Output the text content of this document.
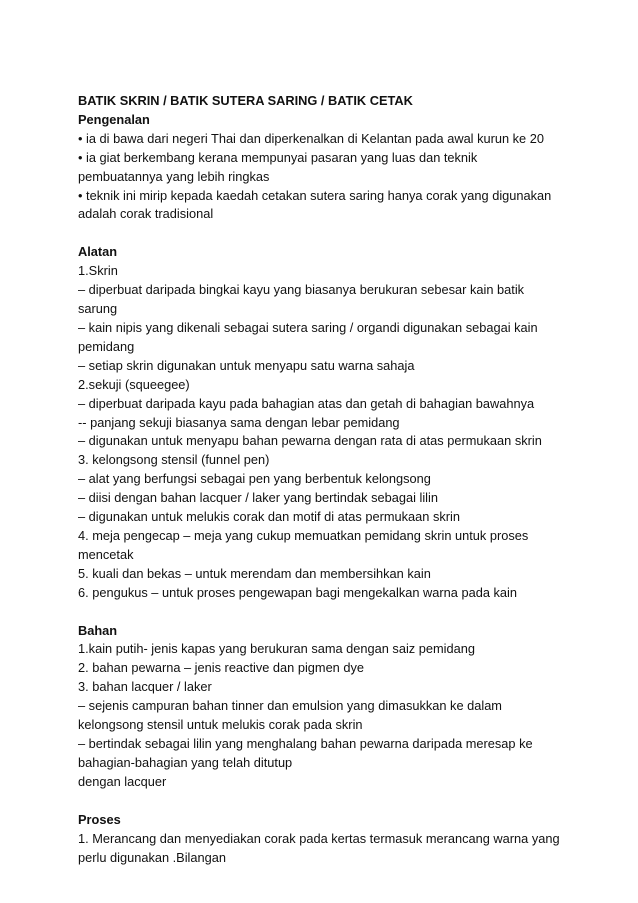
BATIK SKRIN / BATIK SUTERA SARING / BATIK CETAK
Pengenalan
• ia di bawa dari negeri Thai dan diperkenalkan di Kelantan pada awal kurun ke 20
• ia giat berkembang kerana mempunyai pasaran yang luas dan teknik
pembuatannya yang lebih ringkas
• teknik ini mirip kepada kaedah cetakan sutera saring hanya corak yang digunakan
adalah corak tradisional
Alatan
1.Skrin
– diperbuat daripada bingkai kayu yang biasanya berukuran sebesar kain batik
sarung
– kain nipis yang dikenali sebagai sutera saring / organdi digunakan sebagai kain
pemidang
– setiap skrin digunakan untuk menyapu satu warna sahaja
2.sekuji (squeegee)
– diperbuat daripada kayu pada bahagian atas dan getah di bahagian bawahnya
-- panjang sekuji biasanya sama dengan lebar pemidang
– digunakan untuk menyapu bahan pewarna dengan rata di atas permukaan skrin
3. kelongsong stensil (funnel pen)
– alat yang berfungsi sebagai pen yang berbentuk kelongsong
– diisi dengan bahan lacquer / laker yang bertindak sebagai lilin
– digunakan untuk melukis corak dan motif di atas permukaan skrin
4. meja pengecap – meja yang cukup memuatkan pemidang skrin untuk proses
mencetak
5. kuali dan bekas – untuk merendam dan membersihkan kain
6. pengukus – untuk proses pengewapan bagi mengekalkan warna pada kain
Bahan
1.kain putih- jenis kapas yang berukuran sama dengan saiz pemidang
2. bahan pewarna – jenis reactive dan pigmen dye
3. bahan lacquer / laker
– sejenis campuran bahan tinner dan emulsion yang dimasukkan ke dalam
kelongsong stensil untuk melukis corak pada skrin
– bertindak sebagai lilin yang menghalang bahan pewarna daripada meresap ke
bahagian-bahagian yang telah ditutup
dengan lacquer
Proses
1. Merancang dan menyediakan corak pada kertas termasuk merancang warna yang
perlu digunakan .Bilangan
